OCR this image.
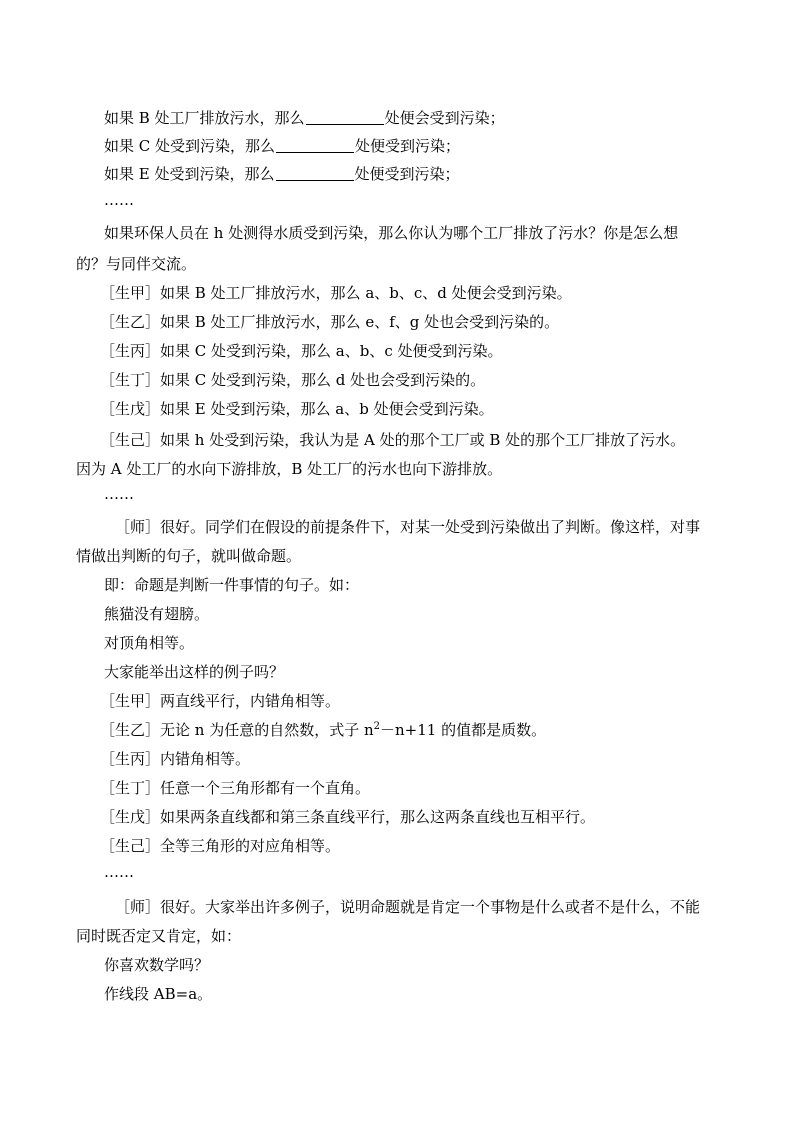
如果 B 处工厂排放污水，那么	处便会受到污染；
如果 C 处受到污染，那么	处便受到污染；
如果 E 处受到污染，那么	处便受到污染；
……
如果环保人员在 h 处测得水质受到污染，那么你认为哪个工厂排放了污水？你是怎么想
的？与同伴交流。
［生甲］如果 B 处工厂排放污水，那么 a、b、c、d 处便会受到污染。
［生乙］如果 B 处工厂排放污水，那么 e、f、g 处也会受到污染的。
［生丙］如果 C 处受到污染，那么 a、b、c 处便受到污染。
［生丁］如果 C 处受到污染，那么 d 处也会受到污染的。
［生戊］如果 E 处受到污染，那么 a、b 处便会受到污染。
［生己］如果 h 处受到污染，我认为是 A 处的那个工厂或 B 处的那个工厂排放了污水。
因为 A 处工厂的水向下游排放，B 处工厂的污水也向下游排放。
……
［师］很好。同学们在假设的前提条件下，对某一处受到污染做出了判断。像这样，对事
情做出判断的句子，就叫做命题。
即：命题是判断一件事情的句子。如：
熊猫没有翅膀。
对顶角相等。
大家能举出这样的例子吗？
［生甲］两直线平行，内错角相等。
［生乙］无论 n 为任意的自然数，式子 $n^2-n+11$ 的值都是质数。
［生丙］内错角相等。
［生丁］任意一个三角形都有一个直角。
［生戊］如果两条直线都和第三条直线平行，那么这两条直线也互相平行。
［生己］全等三角形的对应角相等。
……
［师］很好。大家举出许多例子，说明命题就是肯定一个事物是什么或者不是什么，不能
同时既否定又肯定，如：
你喜欢数学吗？
作线段 AB=a。
